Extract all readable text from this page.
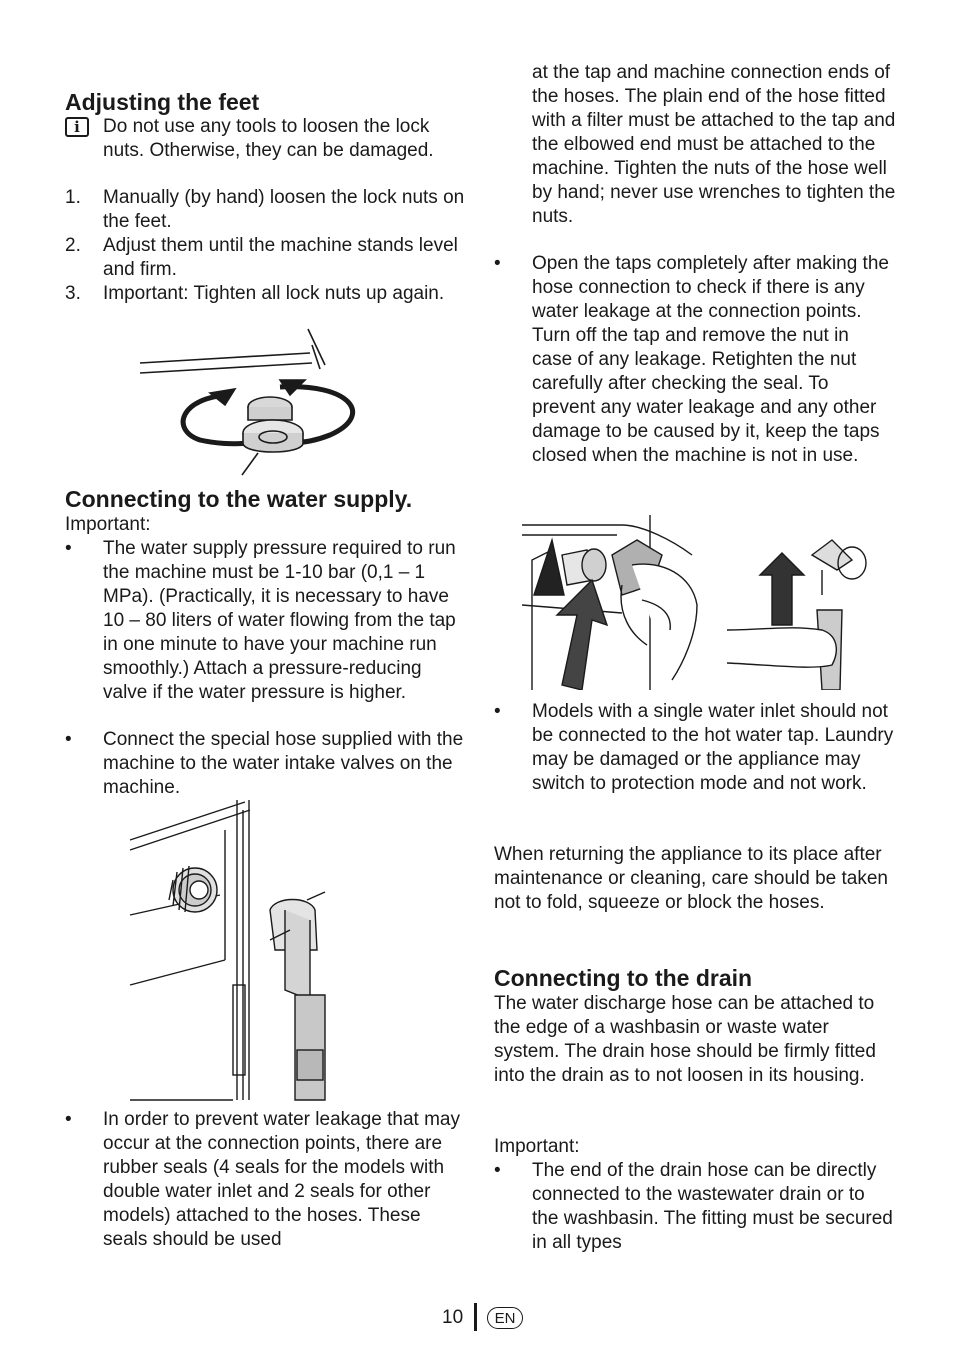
Adjusting the feet
i	Do not use any tools to loosen the lock nuts. Otherwise, they can be damaged.
1. Manually (by hand) loosen the lock nuts on the feet.
2. Adjust them until the machine stands level and firm.
3. Important: Tighten all lock nuts up again.
Connecting to the water supply.
Important:
• The water supply pressure required to run the machine must be 1-10 bar (0,1 – 1 MPa). (Practically, it is necessary to have 10 – 80 liters of water flowing from the tap in one minute to have your machine run smoothly.) Attach a pressure-reducing valve if the water pressure is higher.
• Connect the special hose supplied with the machine to the water intake valves on the machine.
• In order to prevent water leakage that may occur at the connection points, there are rubber seals (4 seals for the models with double water inlet and 2 seals for other models) attached to the hoses. These seals should be used
at the tap and machine connection ends of the hoses. The plain end of the hose fitted with a filter must be attached to the tap and the elbowed end must be attached to the machine. Tighten the nuts of the hose well by hand; never use wrenches to tighten the nuts.
• Open the taps completely after making the hose connection to check if there is any water leakage at the connection points. Turn off the tap and remove the nut in case of any leakage. Retighten the nut carefully after checking the seal. To prevent any water leakage and any other damage to be caused by it, keep the taps closed when the machine is not in use.
• Models with a single water inlet should not be connected to the hot water tap. Laundry may be damaged or the appliance may switch to protection mode and not work.
When returning the appliance to its place after maintenance or cleaning, care should be taken not to fold, squeeze or block the hoses.
Connecting to the drain
The water discharge hose can be attached to the edge of a washbasin or waste water system. The drain hose should be firmly fitted into the drain as to not loosen in its housing.
Important:
• The end of the drain hose can be directly connected to the wastewater drain or to the washbasin. The fitting must be secured in all types
10	EN
